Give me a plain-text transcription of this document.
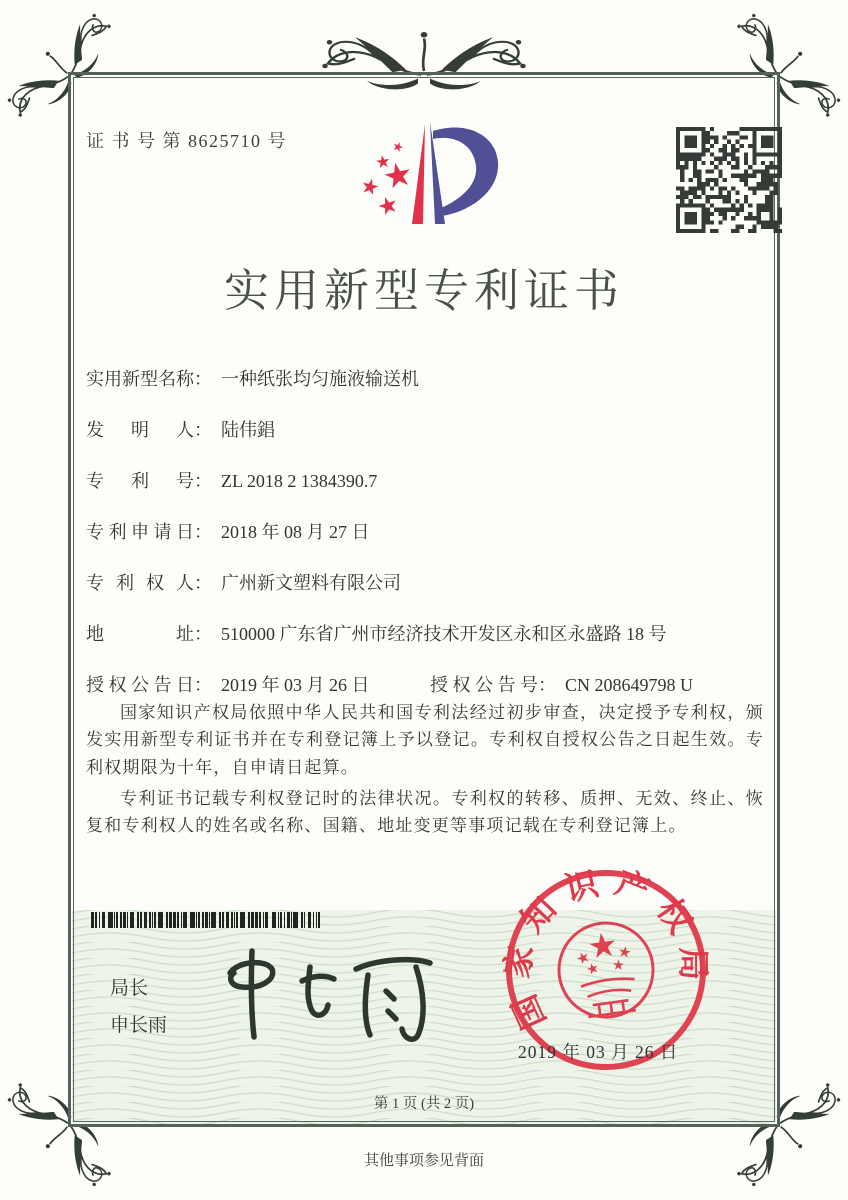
证 书 号 第 8625710 号
实用新型专利证书
实用新型名称： 一种纸张均匀施液输送机
发明人： 陆伟錩
专利号： ZL 2018 2 1384390.7
专利申请日： 2018 年 08 月 27 日
专利权人： 广州新文塑料有限公司
地址： 510000 广东省广州市经济技术开发区永和区永盛路 18 号
授权公告日： 2019 年 03 月 26 日	授权公告号： CN 208649798 U

国家知识产权局依照中华人民共和国专利法经过初步审查，决定授予专利权，颁发实用新型专利证书并在专利登记簿上予以登记。专利权自授权公告之日起生效。专利权期限为十年，自申请日起算。

专利证书记载专利权登记时的法律状况。专利权的转移、质押、无效、终止、恢复和专利权人的姓名或名称、国籍、地址变更等事项记载在专利登记簿上。

局长
申长雨	国家知识产权局
2019 年 03 月 26 日
第 1 页 (共 2 页)
其他事项参见背面
